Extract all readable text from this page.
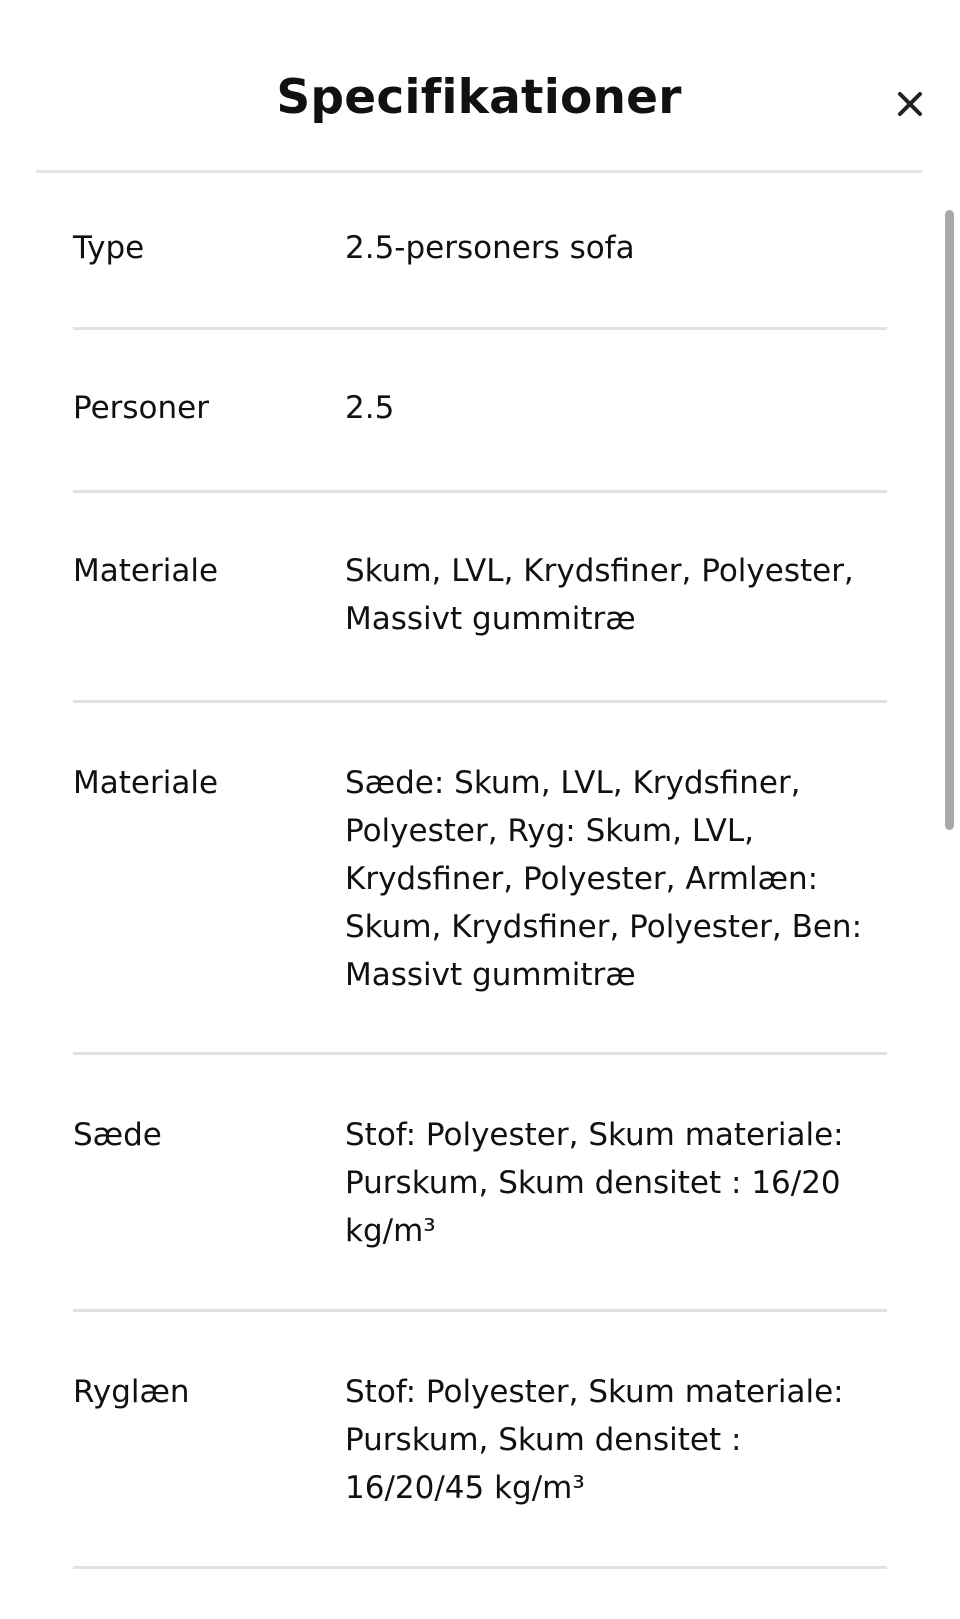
Specifikationer
Type	2.5-personers sofa
Personer	2.5
Materiale	Skum, LVL, Krydsfiner, Polyester, Massivt gummitræ
Materiale	Sæde: Skum, LVL, Krydsfiner, Polyester, Ryg: Skum, LVL, Krydsfiner, Polyester, Armlæn: Skum, Krydsfiner, Polyester, Ben: Massivt gummitræ
Sæde	Stof: Polyester, Skum materiale: Purskum, Skum densitet : 16/20 kg/m³
Ryglæn	Stof: Polyester, Skum materiale: Purskum, Skum densitet : 16/20/45 kg/m³
